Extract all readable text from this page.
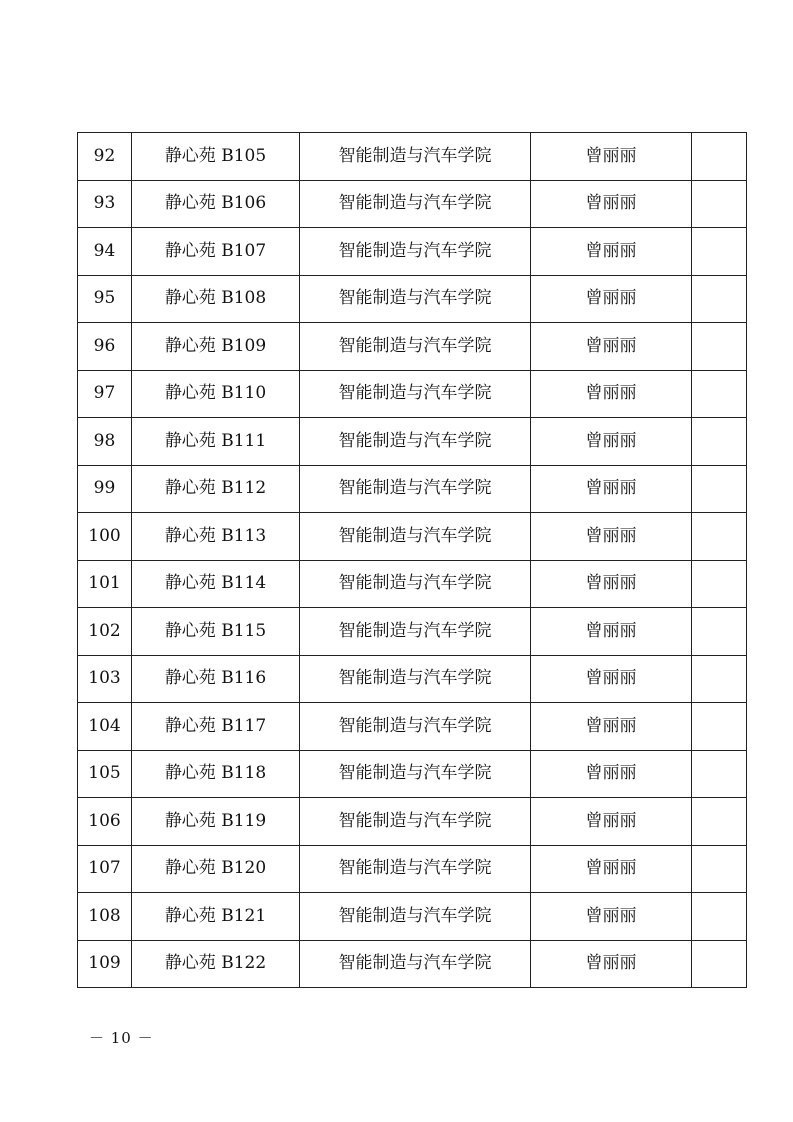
92	静心苑 B105	智能制造与汽车学院	曾丽丽	
93	静心苑 B106	智能制造与汽车学院	曾丽丽	
94	静心苑 B107	智能制造与汽车学院	曾丽丽	
95	静心苑 B108	智能制造与汽车学院	曾丽丽	
96	静心苑 B109	智能制造与汽车学院	曾丽丽	
97	静心苑 B110	智能制造与汽车学院	曾丽丽	
98	静心苑 B111	智能制造与汽车学院	曾丽丽	
99	静心苑 B112	智能制造与汽车学院	曾丽丽	
100	静心苑 B113	智能制造与汽车学院	曾丽丽	
101	静心苑 B114	智能制造与汽车学院	曾丽丽	
102	静心苑 B115	智能制造与汽车学院	曾丽丽	
103	静心苑 B116	智能制造与汽车学院	曾丽丽	
104	静心苑 B117	智能制造与汽车学院	曾丽丽	
105	静心苑 B118	智能制造与汽车学院	曾丽丽	
106	静心苑 B119	智能制造与汽车学院	曾丽丽	
107	静心苑 B120	智能制造与汽车学院	曾丽丽	
108	静心苑 B121	智能制造与汽车学院	曾丽丽	
109	静心苑 B122	智能制造与汽车学院	曾丽丽	
－ 10 －
